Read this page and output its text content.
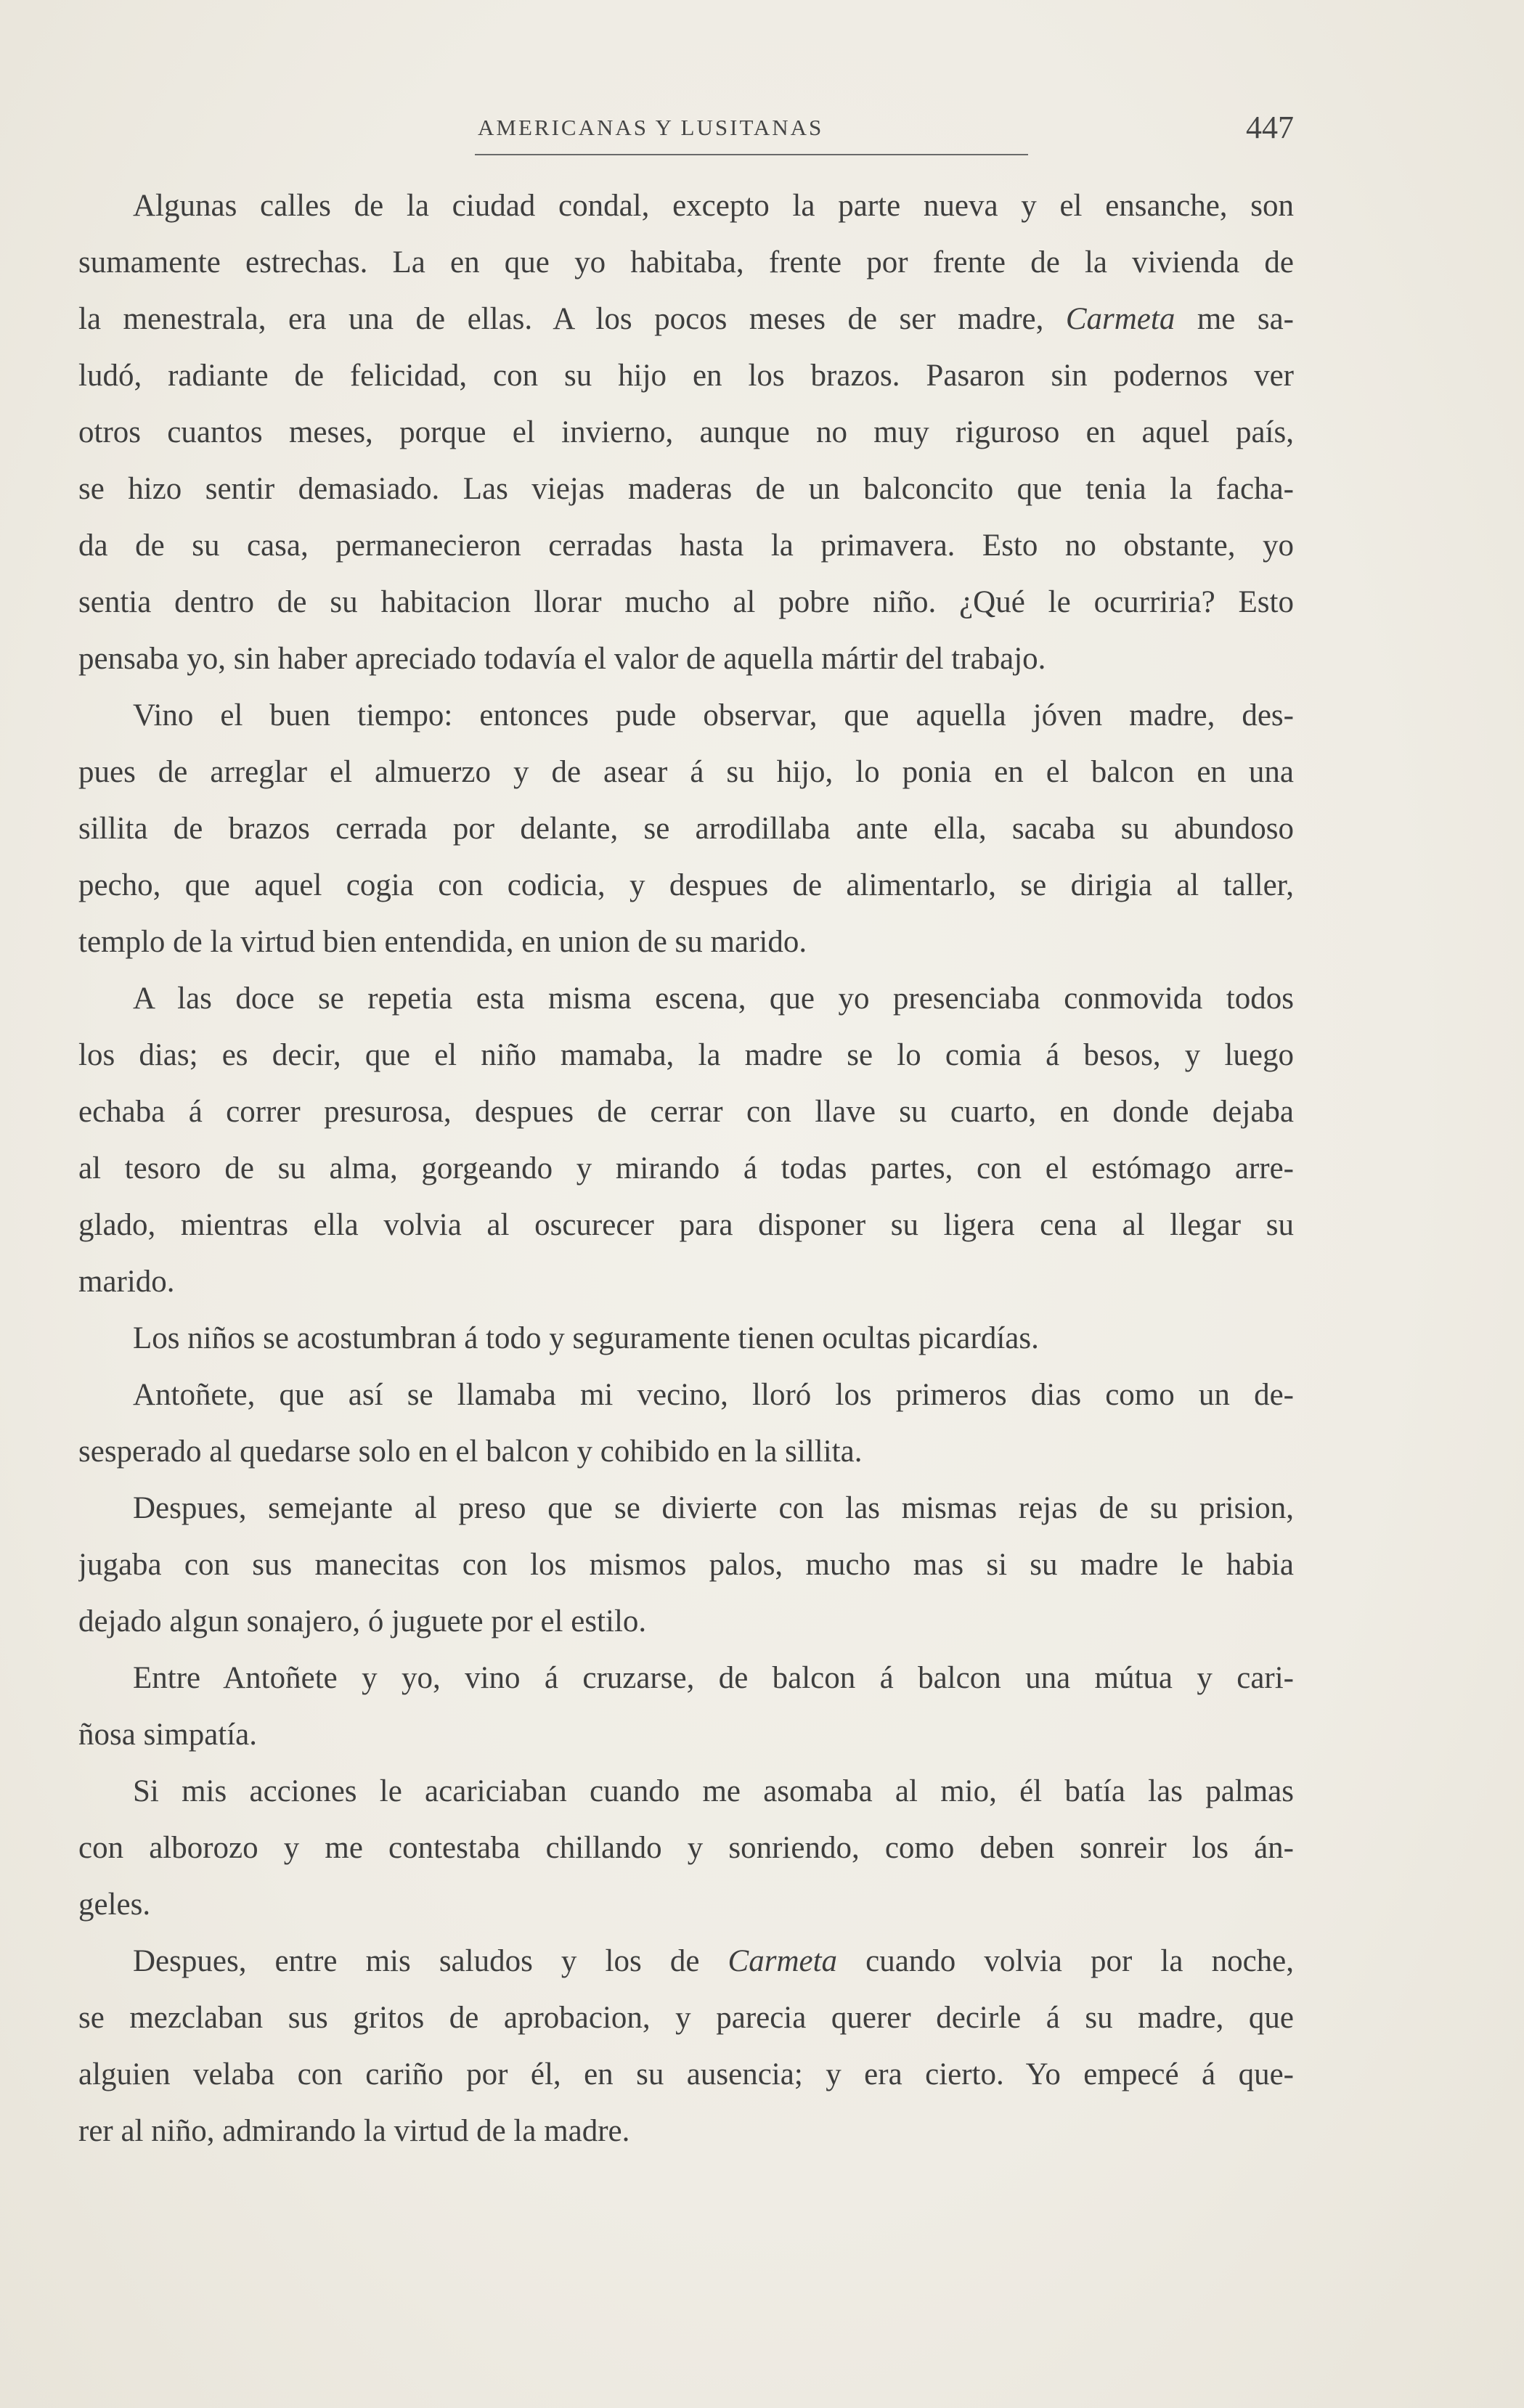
AMERICANAS Y LUSITANAS	447
Algunas calles de la ciudad condal, excepto la parte nueva y el ensanche, son
sumamente estrechas. La en que yo habitaba, frente por frente de la vivienda de
la menestrala, era una de ellas. A los pocos meses de ser madre, Carmeta me sa-
ludó, radiante de felicidad, con su hijo en los brazos. Pasaron sin podernos ver
otros cuantos meses, porque el invierno, aunque no muy riguroso en aquel país,
se hizo sentir demasiado. Las viejas maderas de un balconcito que tenia la facha-
da de su casa, permanecieron cerradas hasta la primavera. Esto no obstante, yo
sentia dentro de su habitacion llorar mucho al pobre niño. ¿Qué le ocurriria? Esto
pensaba yo, sin haber apreciado todavía el valor de aquella mártir del trabajo.
Vino el buen tiempo: entonces pude observar, que aquella jóven madre, des-
pues de arreglar el almuerzo y de asear á su hijo, lo ponia en el balcon en una
sillita de brazos cerrada por delante, se arrodillaba ante ella, sacaba su abundoso
pecho, que aquel cogia con codicia, y despues de alimentarlo, se dirigia al taller,
templo de la virtud bien entendida, en union de su marido.
A las doce se repetia esta misma escena, que yo presenciaba conmovida todos
los dias; es decir, que el niño mamaba, la madre se lo comia á besos, y luego
echaba á correr presurosa, despues de cerrar con llave su cuarto, en donde dejaba
al tesoro de su alma, gorgeando y mirando á todas partes, con el estómago arre-
glado, mientras ella volvia al oscurecer para disponer su ligera cena al llegar su
marido.
Los niños se acostumbran á todo y seguramente tienen ocultas picardías.
Antoñete, que así se llamaba mi vecino, lloró los primeros dias como un de-
sesperado al quedarse solo en el balcon y cohibido en la sillita.
Despues, semejante al preso que se divierte con las mismas rejas de su prision,
jugaba con sus manecitas con los mismos palos, mucho mas si su madre le habia
dejado algun sonajero, ó juguete por el estilo.
Entre Antoñete y yo, vino á cruzarse, de balcon á balcon una mútua y cari-
ñosa simpatía.
Si mis acciones le acariciaban cuando me asomaba al mio, él batía las palmas
con alborozo y me contestaba chillando y sonriendo, como deben sonreir los án-
geles.
Despues, entre mis saludos y los de Carmeta cuando volvia por la noche,
se mezclaban sus gritos de aprobacion, y parecia querer decirle á su madre, que
alguien velaba con cariño por él, en su ausencia; y era cierto. Yo empecé á que-
rer al niño, admirando la virtud de la madre.
